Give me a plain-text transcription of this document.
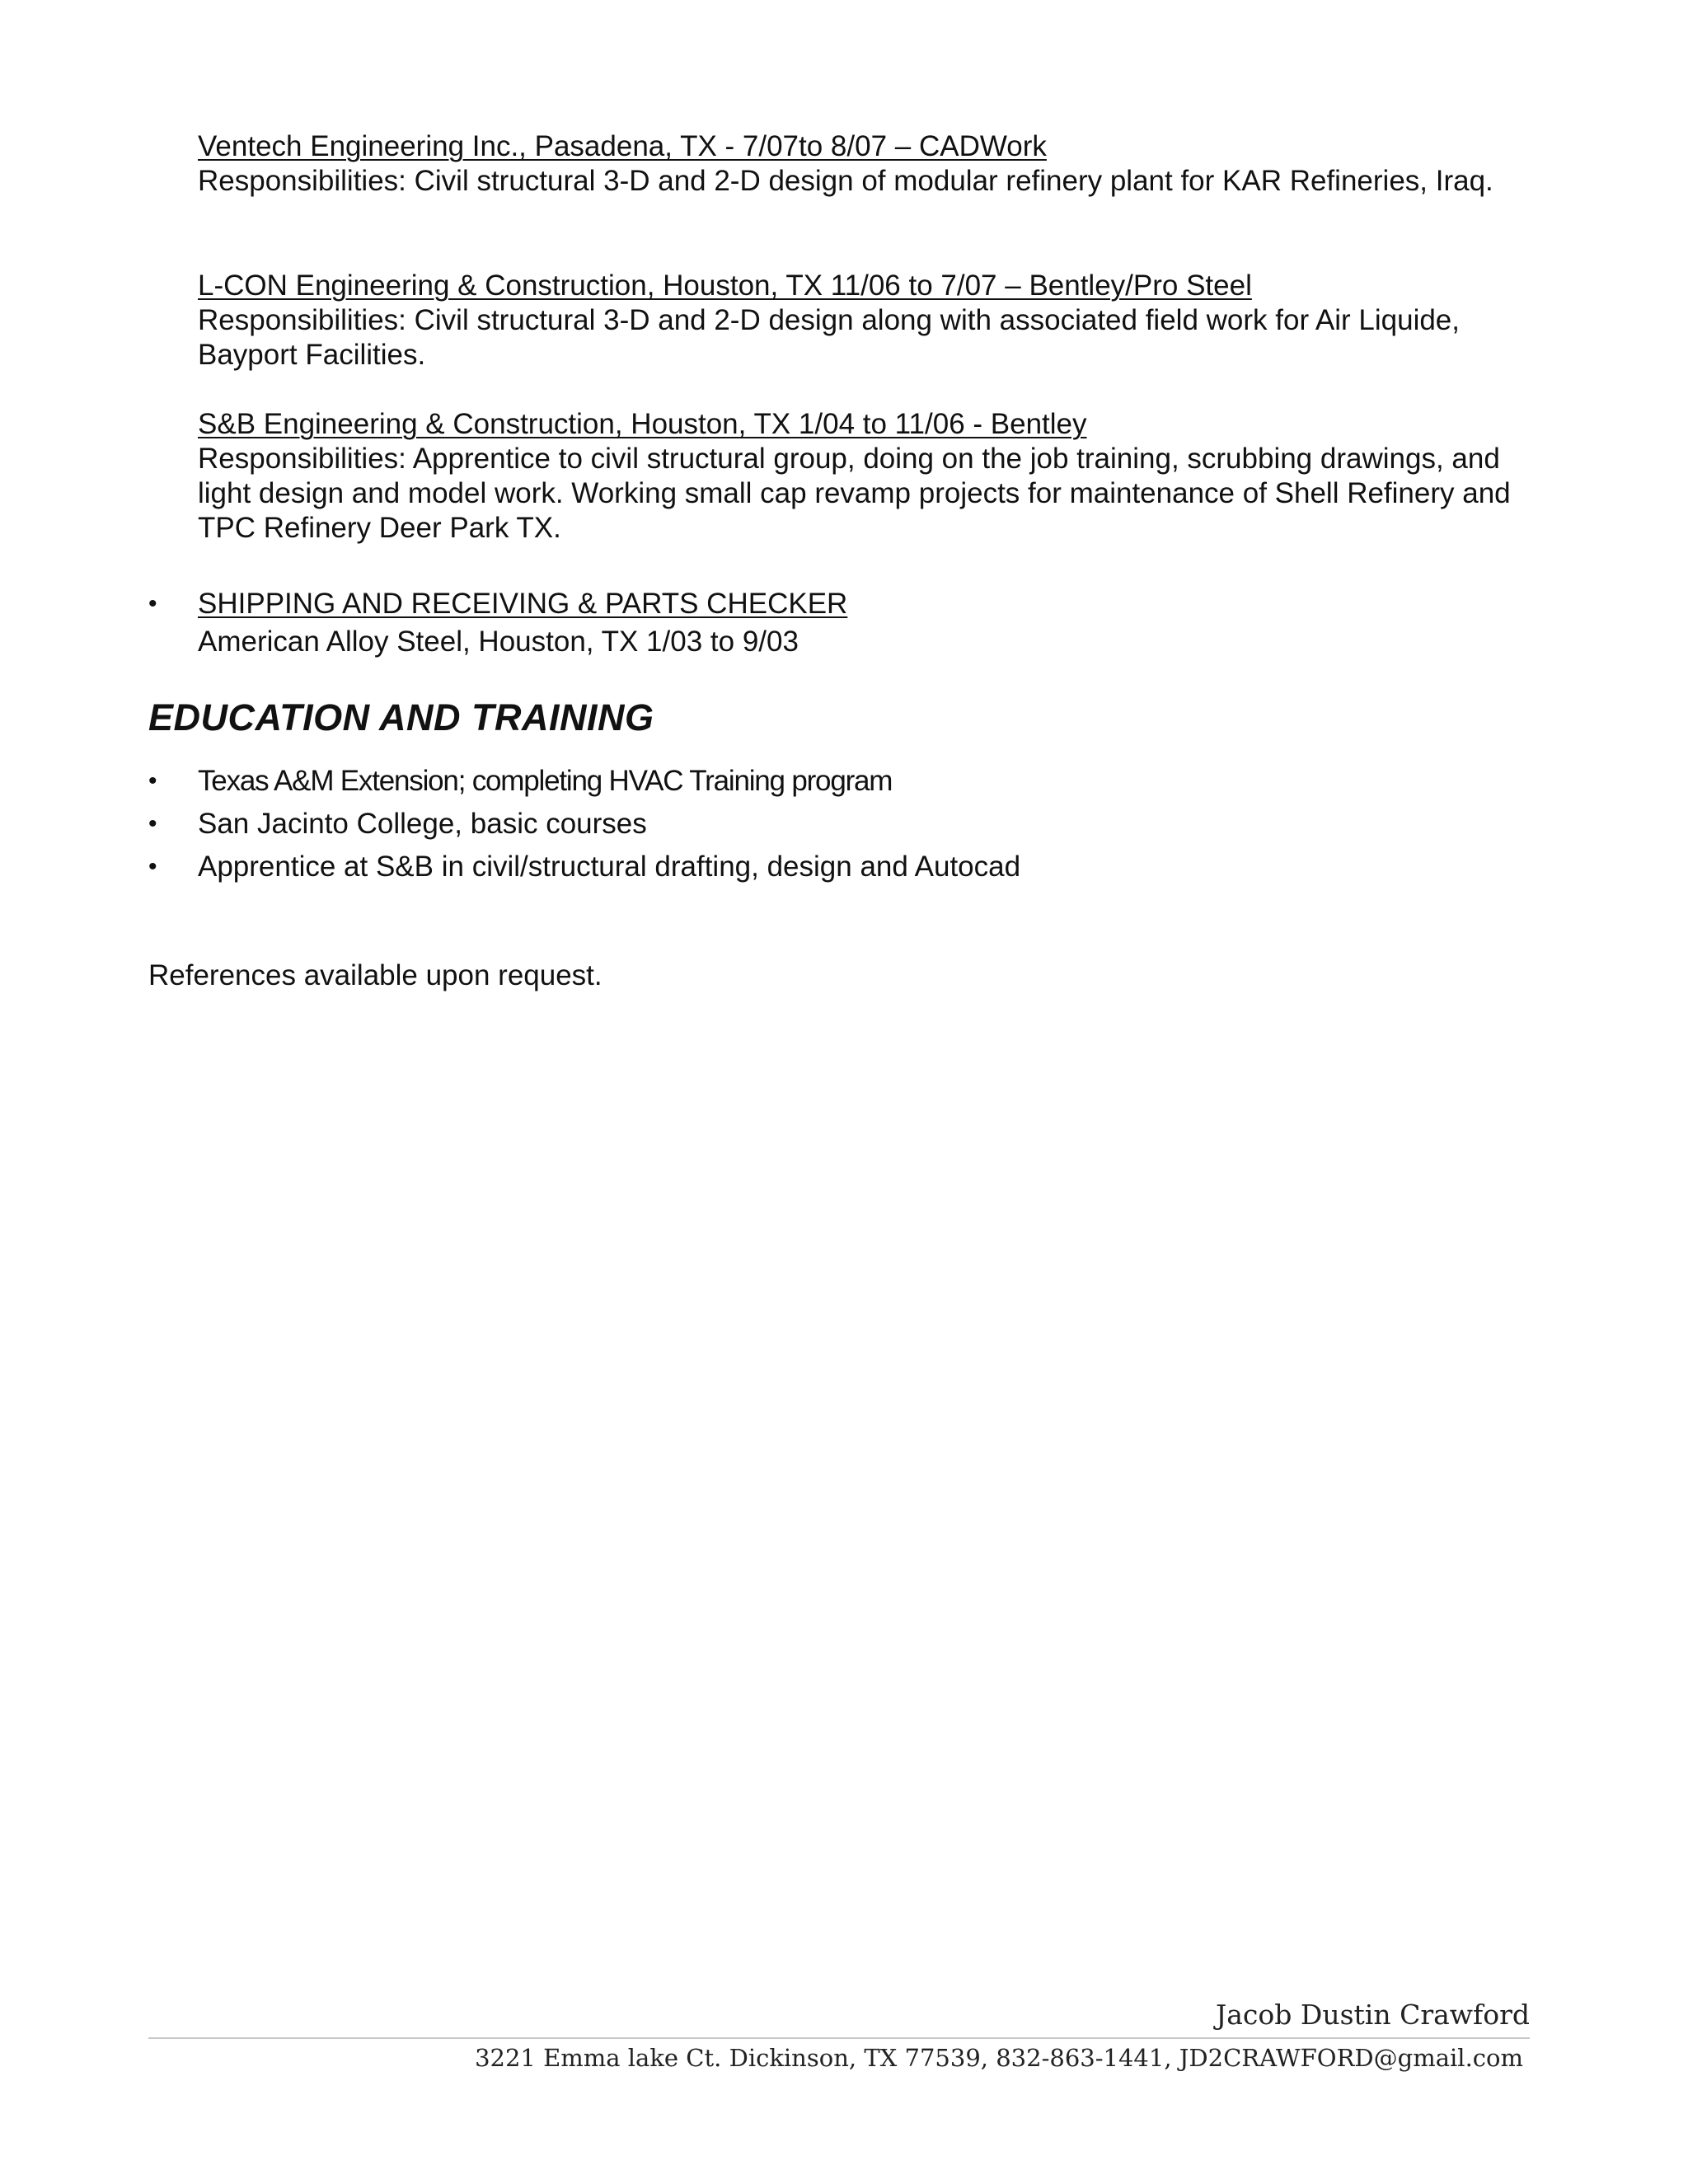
Ventech Engineering Inc., Pasadena, TX - 7/07to 8/07 – CADWork
Responsibilities: Civil structural 3-D and 2-D design of modular refinery plant for KAR Refineries, Iraq.
L-CON Engineering & Construction, Houston, TX 11/06 to 7/07 – Bentley/Pro Steel
Responsibilities: Civil structural 3-D and 2-D design along with associated field work for Air Liquide, Bayport Facilities.
S&B Engineering & Construction, Houston, TX 1/04 to 11/06 - Bentley
Responsibilities: Apprentice to civil structural group, doing on the job training, scrubbing drawings, and light design and model work. Working small cap revamp projects for maintenance of Shell Refinery and TPC Refinery Deer Park TX.
•	SHIPPING AND RECEIVING & PARTS CHECKER
American Alloy Steel, Houston, TX 1/03 to 9/03
EDUCATION AND TRAINING
• Texas A&M Extension; completing HVAC Training program
• San Jacinto College, basic courses
• Apprentice at S&B in civil/structural drafting, design and Autocad
References available upon request.
Jacob Dustin Crawford
3221 Emma lake Ct. Dickinson, TX 77539, 832-863-1441, JD2CRAWFORD@gmail.com
